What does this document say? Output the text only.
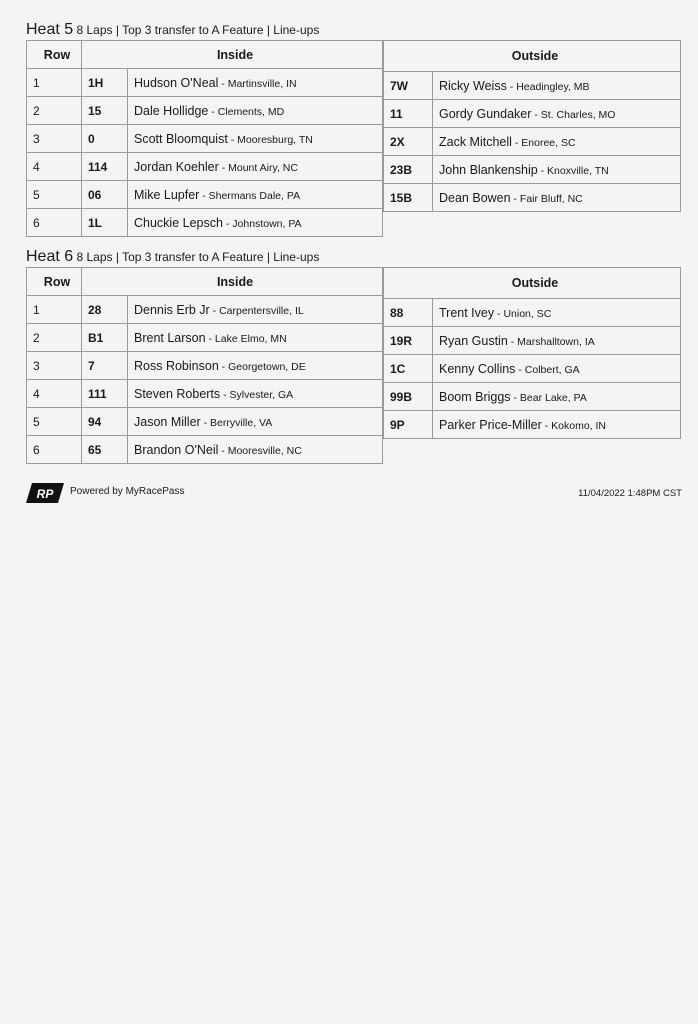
Heat 5 8 Laps | Top 3 transfer to A Feature | Line-ups
Row	Inside	
1	1H	Hudson O'Neal - Martinsville, IN
2	15	Dale Hollidge - Clements, MD
3	0	Scott Bloomquist - Mooresburg, TN
4	114	Jordan Koehler - Mount Airy, NC
5	06	Mike Lupfer - Shermans Dale, PA
6	1L	Chuckie Lepsch - Johnstown, PA
Outside	
7W	Ricky Weiss - Headingley, MB
11	Gordy Gundaker - St. Charles, MO
2X	Zack Mitchell - Enoree, SC
23B	John Blankenship - Knoxville, TN
15B	Dean Bowen - Fair Bluff, NC
Heat 6 8 Laps | Top 3 transfer to A Feature | Line-ups
Row	Inside	
1	28	Dennis Erb Jr - Carpentersville, IL
2	B1	Brent Larson - Lake Elmo, MN
3	7	Ross Robinson - Georgetown, DE
4	111	Steven Roberts - Sylvester, GA
5	94	Jason Miller - Berryville, VA
6	65	Brandon O'Neil - Mooresville, NC
Outside	
88	Trent Ivey - Union, SC
19R	Ryan Gustin - Marshalltown, IA
1C	Kenny Collins - Colbert, GA
99B	Boom Briggs - Bear Lake, PA
9P	Parker Price-Miller - Kokomo, IN
RP Powered by MyRacePass	11/04/2022 1:48PM CST
